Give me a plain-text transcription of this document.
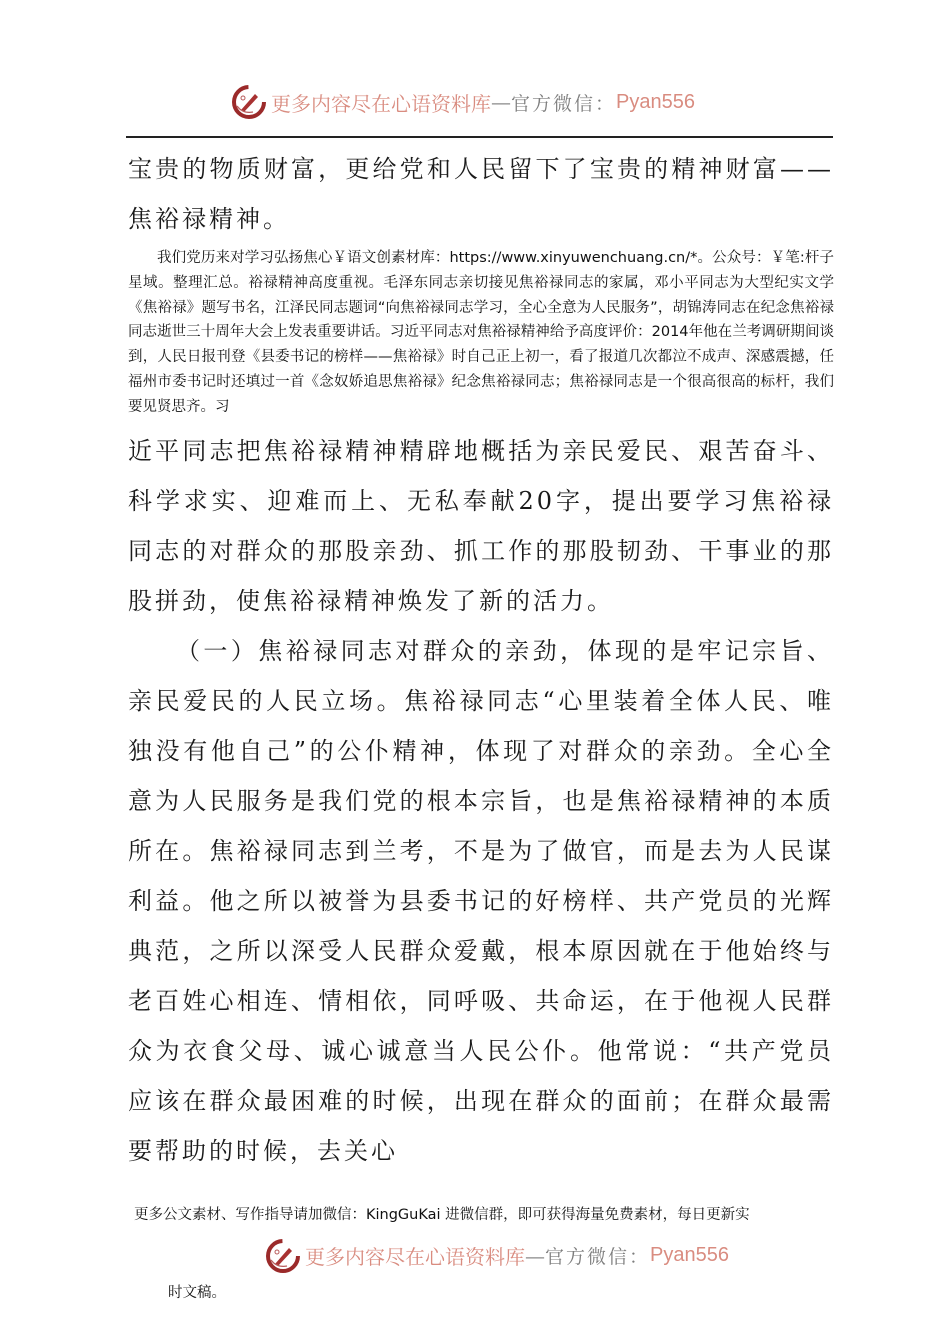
更多内容尽在心语资料库 — 官方微信： Pyan556

宝贵的物质财富，更给党和人民留下了宝贵的精神财富——焦裕禄精神。

我们党历来对学习弘扬焦心￥语文创素材库：https://www.xinyuwenchuang.cn/*。公众号：￥笔:杆子星域。整理汇总。裕禄精神高度重视。毛泽东同志亲切接见焦裕禄同志的家属，邓小平同志为大型纪实文学《焦裕禄》题写书名，江泽民同志题词“向焦裕禄同志学习，全心全意为人民服务”，胡锦涛同志在纪念焦裕禄同志逝世三十周年大会上发表重要讲话。习近平同志对焦裕禄精神给予高度评价：2014年他在兰考调研期间谈到，人民日报刊登《县委书记的榜样——焦裕禄》时自己正上初一，看了报道几次都泣不成声、深感震撼，任福州市委书记时还填过一首《念奴娇追思焦裕禄》纪念焦裕禄同志；焦裕禄同志是一个很高很高的标杆，我们要见贤思齐。习

近平同志把焦裕禄精神精辟地概括为亲民爱民、艰苦奋斗、科学求实、迎难而上、无私奉献20字，提出要学习焦裕禄同志的对群众的那股亲劲、抓工作的那股韧劲、干事业的那股拼劲，使焦裕禄精神焕发了新的活力。

（一）焦裕禄同志对群众的亲劲，体现的是牢记宗旨、亲民爱民的人民立场。焦裕禄同志“心里装着全体人民、唯独没有他自己”的公仆精神，体现了对群众的亲劲。全心全意为人民服务是我们党的根本宗旨，也是焦裕禄精神的本质所在。焦裕禄同志到兰考，不是为了做官，而是去为人民谋利益。他之所以被誉为县委书记的好榜样、共产党员的光辉典范，之所以深受人民群众爱戴，根本原因就在于他始终与老百姓心相连、情相依，同呼吸、共命运，在于他视人民群众为衣食父母、诚心诚意当人民公仆。他常说：“共产党员应该在群众最困难的时候，出现在群众的面前；在群众最需要帮助的时候，去关心

更多公文素材、写作指导请加微信：KingGuKai 进微信群，即可获得海量免费素材，每日更新实
更多内容尽在心语资料库 — 官方微信： Pyan556
时文稿。
